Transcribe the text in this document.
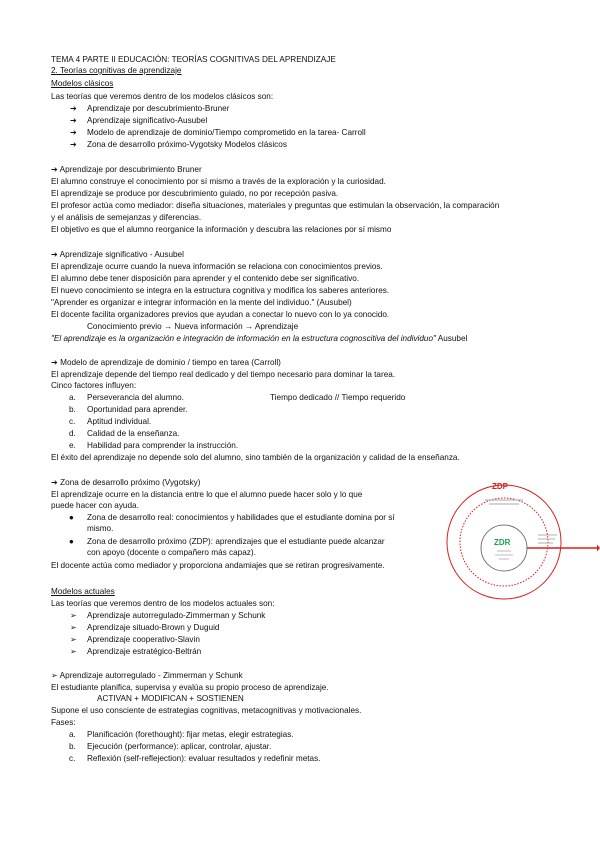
TEMA 4 PARTE II EDUCACIÓN: TEORÍAS COGNITIVAS DEL APRENDIZAJE
2. Teorías cognitivas de aprendizaje
Modelos clásicos
Las teorías que veremos dentro de los modelos clásicos son:
➔ Aprendizaje por descubrimiento-Bruner
➔ Aprendizaje significativo-Ausubel
➔ Modelo de aprendizaje de dominio/Tiempo comprometido en la tarea- Carroll
➔ Zona de desarrollo próximo-Vygotsky Modelos clásicos
➔ Aprendizaje por descubrimiento Bruner
El alumno construye el conocimiento por sí mismo a través de la exploración y la curiosidad.
El aprendizaje se produce por descubrimiento guiado, no por recepción pasiva.
El profesor actúa como mediador: diseña situaciones, materiales y preguntas que estimulan la observación, la comparación
y el análisis de semejanzas y diferencias.
El objetivo es que el alumno reorganice la información y descubra las relaciones por sí mismo
➔ Aprendizaje significativo - Ausubel
El aprendizaje ocurre cuando la nueva información se relaciona con conocimientos previos.
El alumno debe tener disposición para aprender y el contenido debe ser significativo.
El nuevo conocimiento se integra en la estructura cognitiva y modifica los saberes anteriores.
"Aprender es organizar e integrar información en la mente del individuo." (Ausubel)
El docente facilita organizadores previos que ayudan a conectar lo nuevo con lo ya conocido.
Conocimiento previo → Nueva información → Aprendizaje
"El aprendizaje es la organización e integración de información en la estructura cognoscitiva del individuo" Ausubel
➔ Modelo de aprendizaje de dominio / tiempo en tarea (Carroll)
El aprendizaje depende del tiempo real dedicado y del tiempo necesario para dominar la tarea.
Cinco factores influyen:
a. Perseverancia del alumno.	Tiempo dedicado // Tiempo requerido
b. Oportunidad para aprender.
c. Aptitud individual.
d. Calidad de la enseñanza.
e. Habilidad para comprender la instrucción.
El éxito del aprendizaje no depende solo del alumno, sino también de la organización y calidad de la enseñanza.
➔ Zona de desarrollo próximo (Vygotsky)
El aprendizaje ocurre en la distancia entre lo que el alumno puede hacer solo y lo que
puede hacer con ayuda.
● Zona de desarrollo real: conocimientos y habilidades que el estudiante domina por sí
mismo.
● Zona de desarrollo próximo (ZDP): aprendizajes que el estudiante puede alcanzar
con apoyo (docente o compañero más capaz).
El docente actúa como mediador y proporciona andamiajes que se retiran progresivamente.
ZDP
ZDR
Modelos actuales
Las teorías que veremos dentro de los modelos actuales son:
➢ Aprendizaje autorregulado-Zimmerman y Schunk
➢ Aprendizaje situado-Brown y Duguid
➢ Aprendizaje cooperativo-Slavin
➢ Aprendizaje estratégico-Beltrán
➢ Aprendizaje autorregulado - Zimmerman y Schunk
El estudiante planifica, supervisa y evalúa su propio proceso de aprendizaje.
ACTIVAN + MODIFICAN + SOSTIENEN
Supone el uso consciente de estrategias cognitivas, metacognitivas y motivacionales.
Fases:
a. Planificación (forethought): fijar metas, elegir estrategias.
b. Ejecución (performance): aplicar, controlar, ajustar.
c. Reflexión (self-reflejection): evaluar resultados y redefinir metas.
